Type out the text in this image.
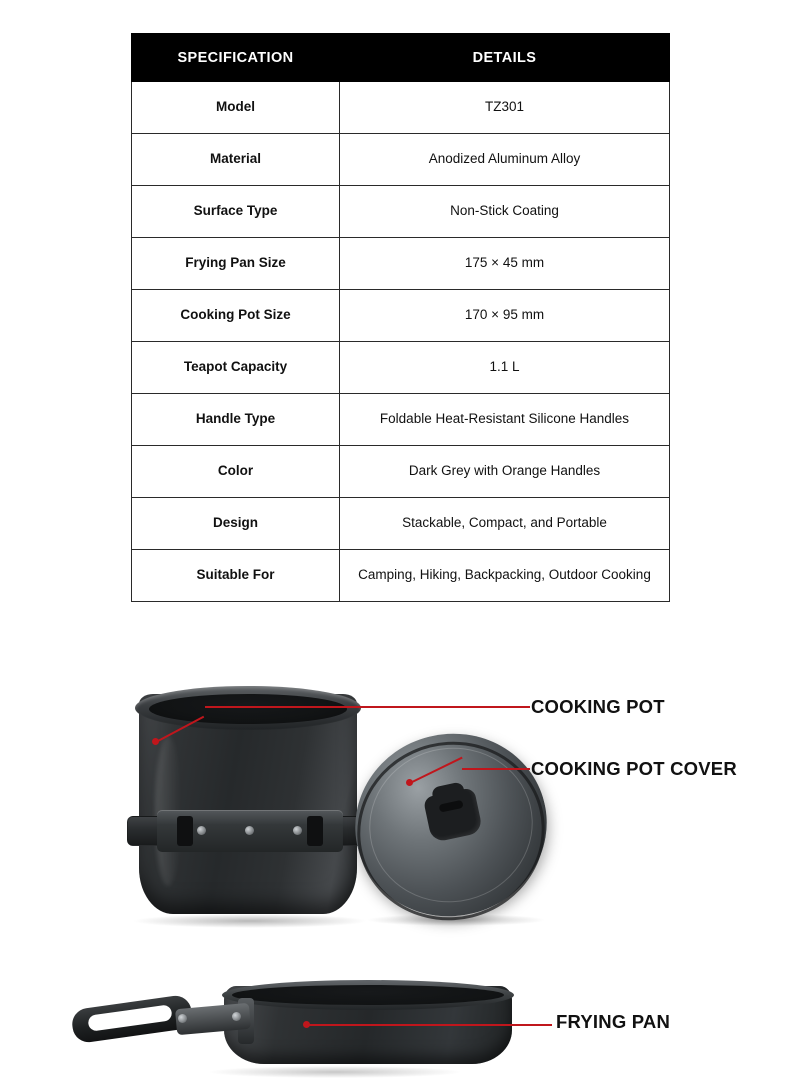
SPECIFICATION	DETAILS
Model	TZ301
Material	Anodized Aluminum Alloy
Surface Type	Non-Stick Coating
Frying Pan Size	175 × 45 mm
Cooking Pot Size	170 × 95 mm
Teapot Capacity	1.1 L
Handle Type	Foldable Heat-Resistant Silicone Handles
Color	Dark Grey with Orange Handles
Design	Stackable, Compact, and Portable
Suitable For	Camping, Hiking, Backpacking, Outdoor Cooking
COOKING POT
COOKING POT COVER
FRYING PAN
